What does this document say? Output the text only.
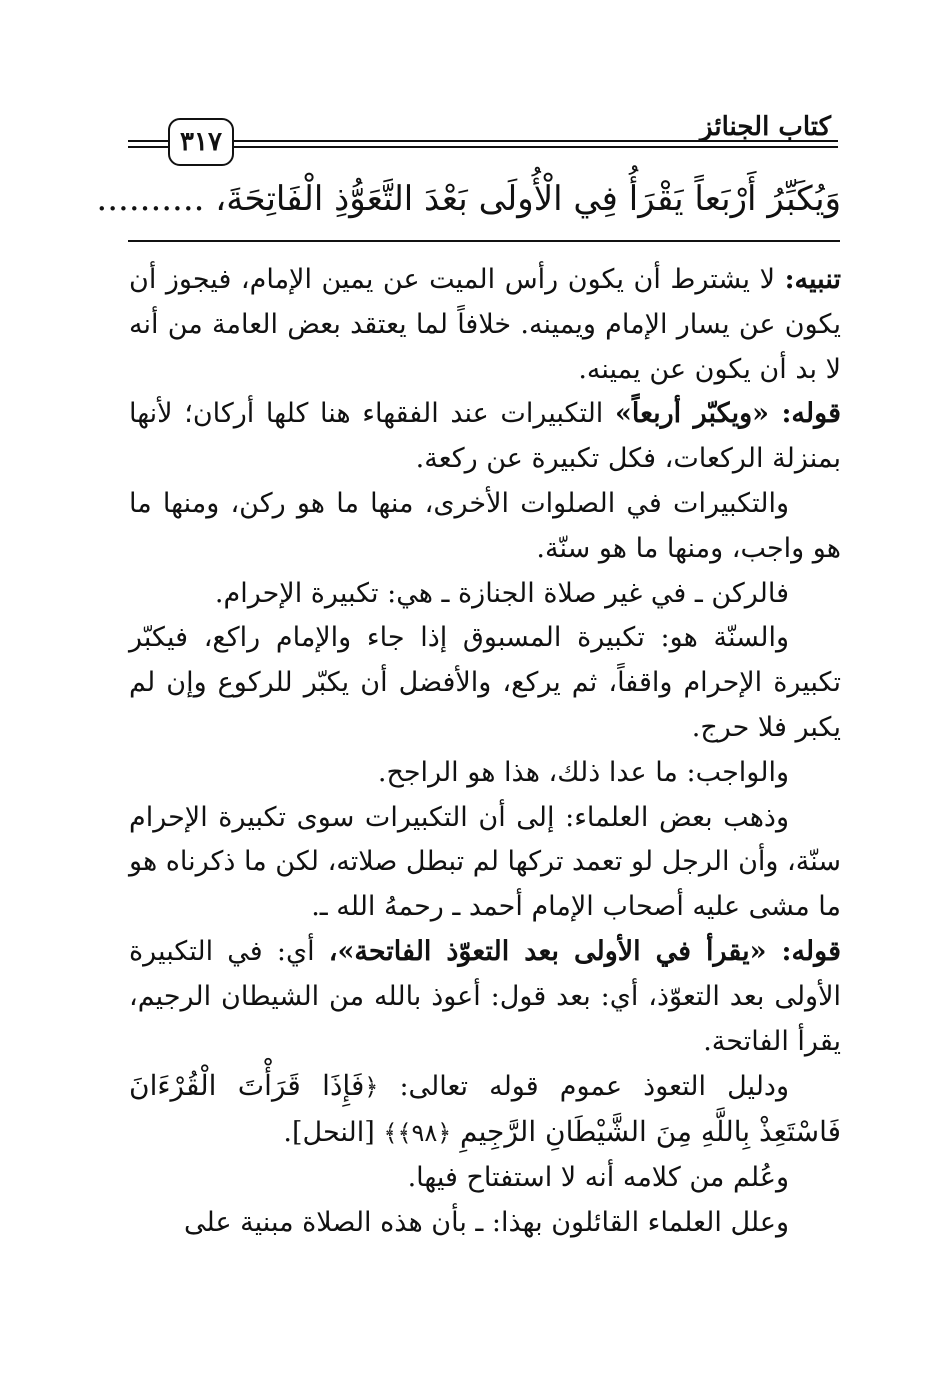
كتاب الجنائز
٣١٧
وَيُكَبِّرُ أَرْبَعاً يَقْرَأُ فِي الْأُولَى بَعْدَ التَّعَوُّذِ الْفَاتِحَةَ، ..........

تنبيه: لا يشترط أن يكون رأس الميت عن يمين الإمام، فيجوز أن يكون عن يسار الإمام ويمينه. خلافاً لما يعتقد بعض العامة من أنه لا بد أن يكون عن يمينه.

قوله: «ويكبّر أربعاً» التكبيرات عند الفقهاء هنا كلها أركان؛ لأنها بمنزلة الركعات، فكل تكبيرة عن ركعة.

والتكبيرات في الصلوات الأخرى، منها ما هو ركن، ومنها ما هو واجب، ومنها ما هو سنّة.

فالركن ـ في غير صلاة الجنازة ـ هي: تكبيرة الإحرام.

والسنّة هو: تكبيرة المسبوق إذا جاء والإمام راكع، فيكبّر تكبيرة الإحرام واقفاً، ثم يركع، والأفضل أن يكبّر للركوع وإن لم يكبر فلا حرج.

والواجب: ما عدا ذلك، هذا هو الراجح.

وذهب بعض العلماء: إلى أن التكبيرات سوى تكبيرة الإحرام سنّة، وأن الرجل لو تعمد تركها لم تبطل صلاته، لكن ما ذكرناه هو ما مشى عليه أصحاب الإمام أحمد ـ رحمهُ الله ـ.

قوله: «يقرأ في الأولى بعد التعوّذ الفاتحة»، أي: في التكبيرة الأولى بعد التعوّذ، أي: بعد قول: أعوذ بالله من الشيطان الرجيم، يقرأ الفاتحة.

ودليل التعوذ عموم قوله تعالى: ﴿فَإِذَا قَرَأْتَ الْقُرْءَانَ فَاسْتَعِذْ بِاللَّهِ مِنَ الشَّيْطَانِ الرَّجِيمِ ﴿٩٨﴾﴾ [النحل].

وعُلم من كلامه أنه لا استفتاح فيها.

وعلل العلماء القائلون بهذا: ـ بأن هذه الصلاة مبنية على
